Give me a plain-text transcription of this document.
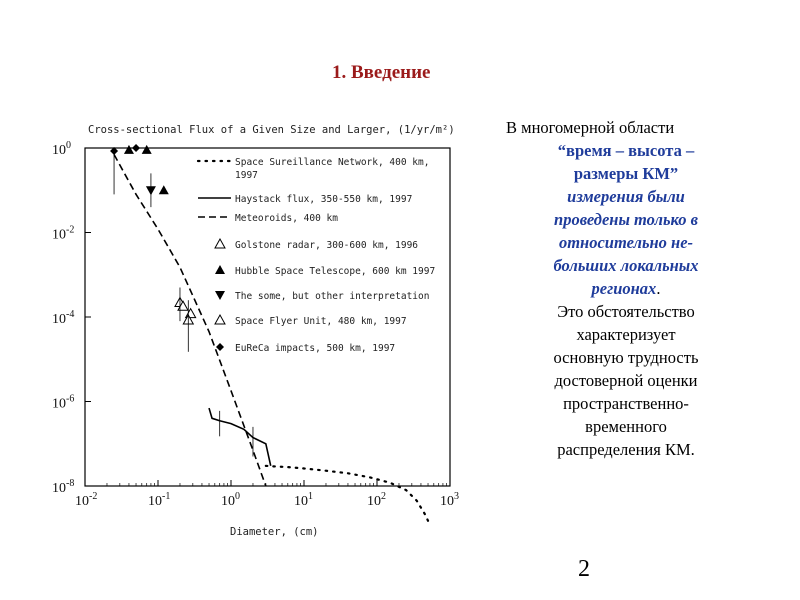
1. Введение
Cross-sectional Flux of a Given Size and Larger, (1/yr/m²)
Space Sureillance Network, 400 km,
1997
Haystack flux, 350-550 km, 1997
Meteoroids, 400 km
Golstone radar, 300-600 km, 1996
Hubble Space Telescope, 600 km 1997
The some, but other interpretation
Space Flyer Unit, 480 km, 1997
EuReCa impacts, 500 km, 1997
$10^{-2}$	$10^{-1}$	$10^0$	$10^1$	$10^2$	$10^3$
$10^0$
$10^{-2}$
$10^{-4}$
$10^{-6}$
$10^{-8}$
Diameter, (cm)
В многомерной области
“время – высота –
размеры КМ”
измерения были
проведены только в
относительно не-
больших локальных
регионах.
Это обстоятельство
характеризует
основную трудность
достоверной оценки
пространственно-
временного
распределения КМ.
2
